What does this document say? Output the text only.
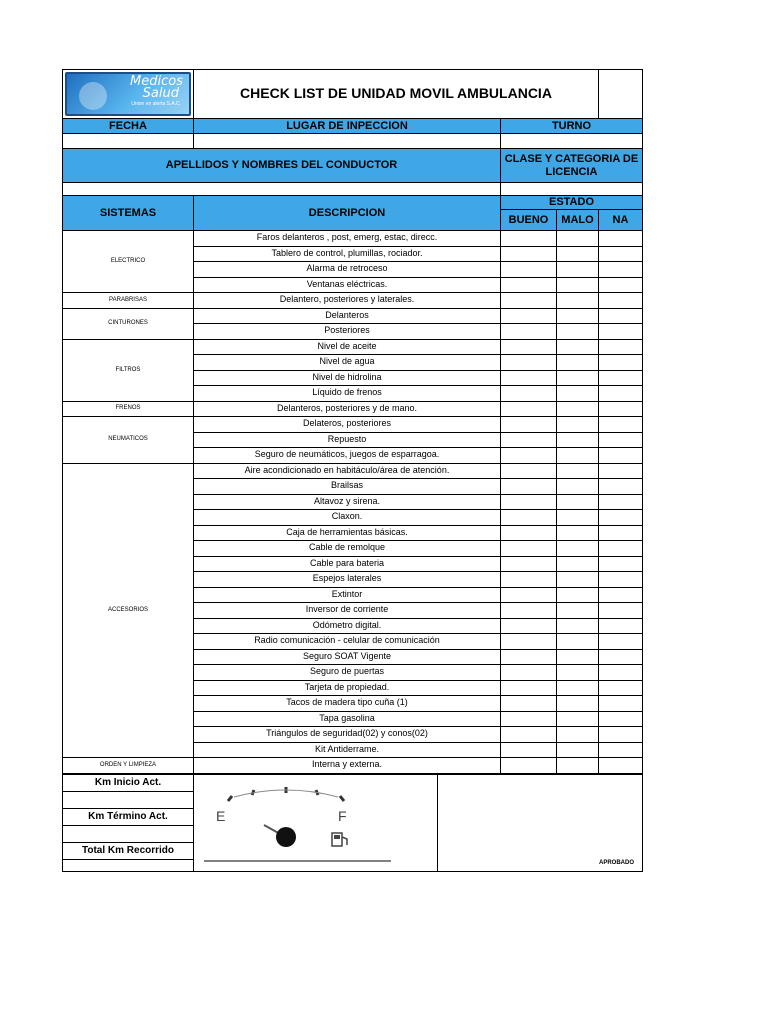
Medicos
Salud
Union en alerta S.A.C.	CHECK LIST DE UNIDAD MOVIL AMBULANCIA			
FECHA	LUGAR DE INPECCION	TURNO		

APELLIDOS Y NOMBRES DEL CONDUCTOR		CLASE Y CATEGORIA DE LICENCIA		

SISTEMAS	DESCRIPCION	ESTADO		
		BUENO	MALO	NA
ELECTRICO	Faros delanteros , post, emerg, estac, direcc.			
	Tablero de control, plumillas, rociador.			
	Alarma de retroceso			
	Ventanas eléctricas.			
PARABRISAS	Delantero, posteriores y laterales.			
CINTURONES	Delanteros			
	Posteriores			
FILTROS	Nivel de aceite			
	Nivel de agua			
	Nivel de hidrolina			
	Líquido de frenos			
FRENOS	Delanteros, posteriores y de mano.			
NEUMATICOS	Delateros, posteriores			
	Repuesto			
	Seguro de neumáticos, juegos de esparragoa.			
ACCESORIOS	Aire acondicionado en habitáculo/área de atención.			
	Brailsas			
	Altavoz y sirena.			
	Claxon.			
	Caja de herramientas básicas.			
	Cable de remolque			
	Cable para bateria			
	Espejos laterales			
	Extintor			
	Inversor de corriente			
	Odómetro digital.			
	Radio comunicación - celular de comunicación			
	Seguro SOAT Vigente			
	Seguro de puertas			
	Tarjeta de propiedad.			
	Tacos de madera tipo cuña (1)			
	Tapa gasolina			
	Triángulos de seguridad(02) y conos(02)			
	Kit Antiderrame.			
ORDEN Y LIMPIEZA	Interna y externa.			
Km Inicio Act.	
E	F
	APROBADO

Km Término Act.

Total Km Recorrido
